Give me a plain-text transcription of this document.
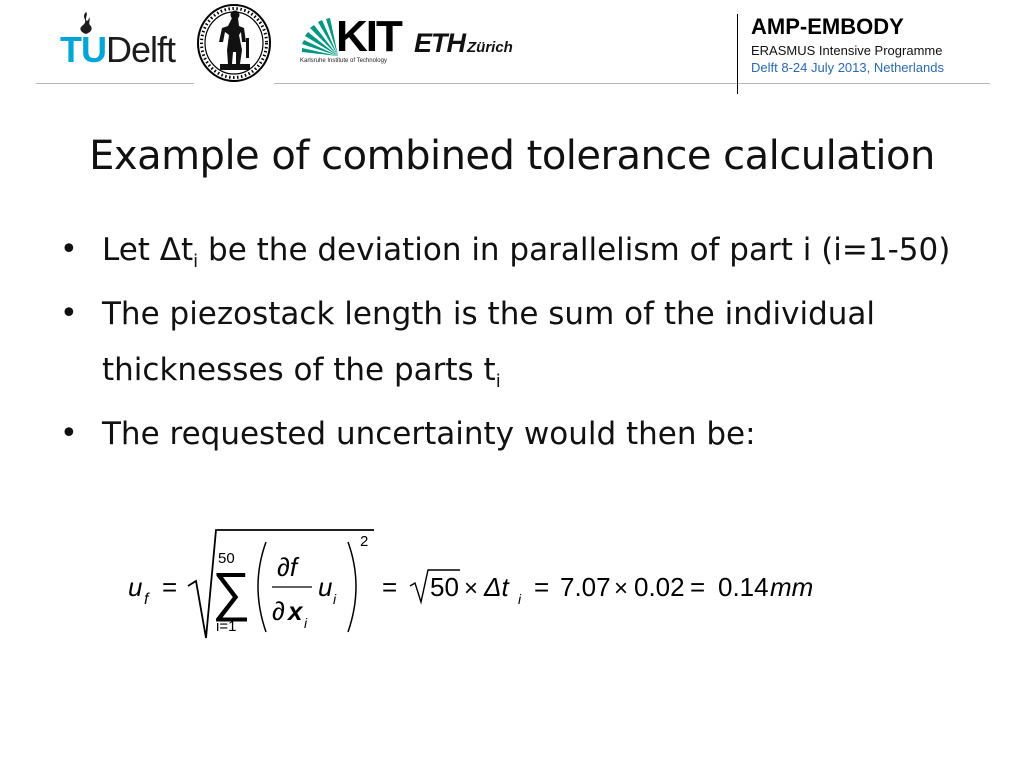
TUDelft	KIT
Karlsruhe Institute of Technology
ETH Zürich
AMP-EMBODY
ERASMUS Intensive Programme
Delft 8-24 July 2013, Netherlands
Example of combined tolerance calculation
• Let $\Delta t_i$ be the deviation in parallelism of part i (i=1-50)
• The piezostack length is the sum of the individual thicknesses of the parts $t_i$
• The requested uncertainty would then be:
u f =
50
∑
i=1
∂f
∂ x i
u i
2
= 50 × Δt i = 7.07 × 0.02 = 0.14 mm
